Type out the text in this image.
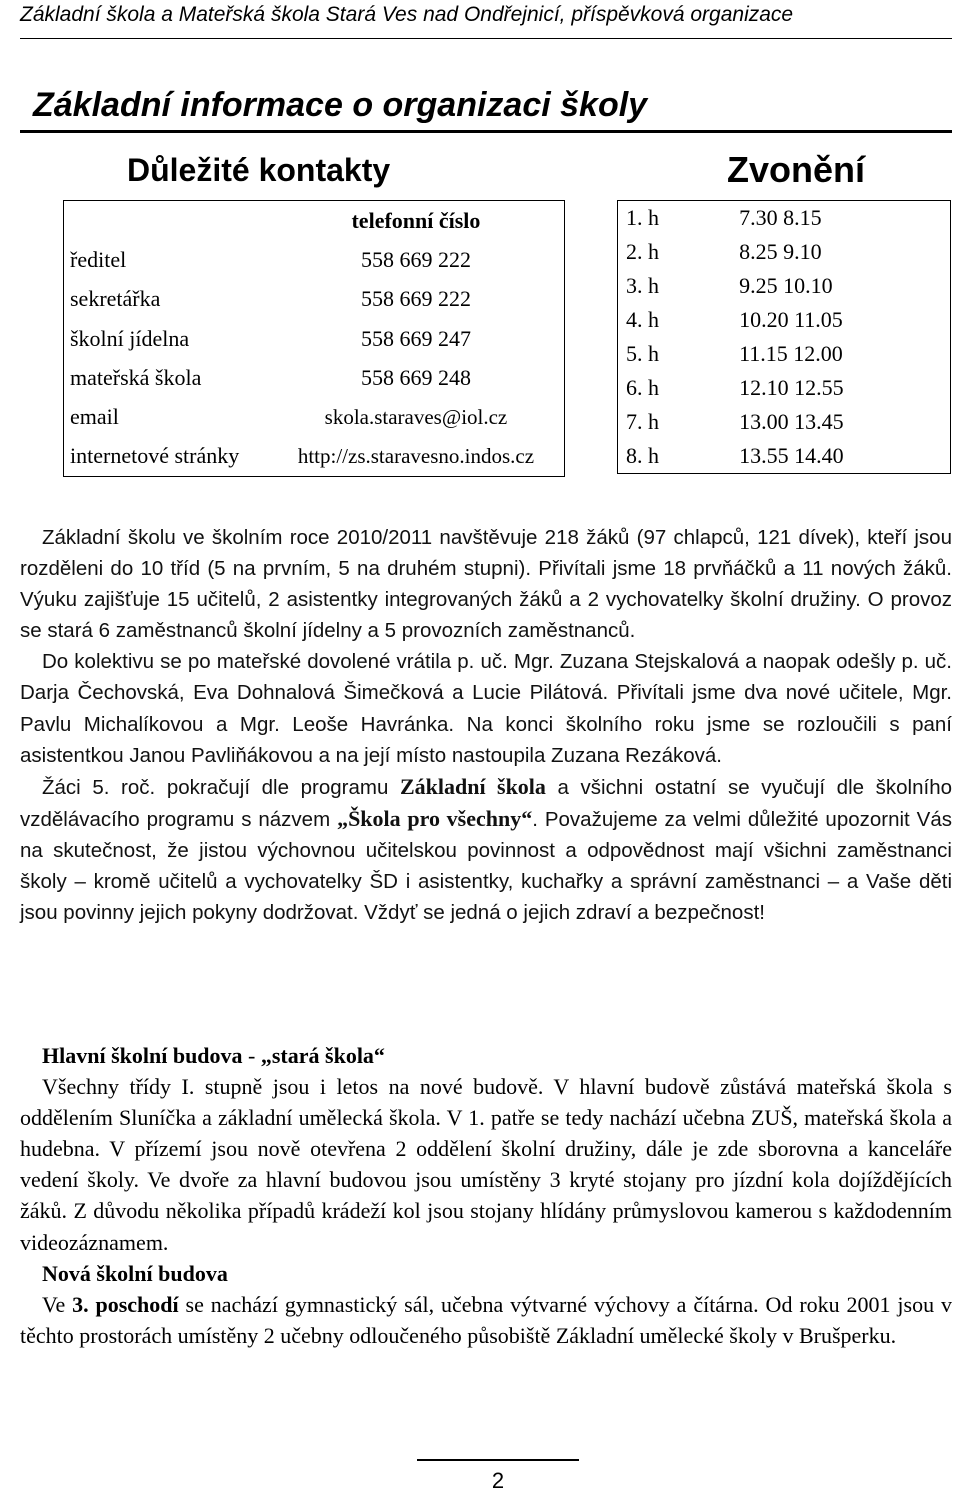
Základní škola a Mateřská škola Stará Ves nad Ondřejnicí, příspěvková organizace
Základní informace o organizaci školy
Důležité kontakty	Zvonění
	telefonní číslo
ředitel	558 669 222
sekretářka	558 669 222
školní jídelna	558 669 247
mateřská škola	558 669 248
email	skola.staraves@iol.cz
internetové stránky	http://zs.staravesno.indos.cz
1. h	7.30 8.15
2. h	8.25 9.10
3. h	9.25 10.10
4. h	10.20 11.05
5. h	11.15 12.00
6. h	12.10 12.55
7. h	13.00 13.45
8. h	13.55 14.40

Základní školu ve školním roce 2010/2011 navštěvuje 218 žáků (97 chlapců, 121 dívek), kteří jsou rozděleni do 10 tříd (5 na prvním, 5 na druhém stupni). Přivítali jsme 18 prvňáčků a 11 nových žáků. Výuku zajišťuje 15 učitelů, 2 asistentky integrovaných žáků a 2 vychovatelky školní družiny. O provoz se stará 6 zaměstnanců školní jídelny a 5 provozních zaměstnanců.

Do kolektivu se po mateřské dovolené vrátila p. uč. Mgr. Zuzana Stejskalová a naopak odešly p. uč. Darja Čechovská, Eva Dohnalová Šimečková a Lucie Pilátová. Přivítali jsme dva nové učitele, Mgr. Pavlu Michalíkovou a Mgr. Leoše Havránka. Na konci školního roku jsme se rozloučili s paní asistentkou Janou Pavliňákovou a na její místo nastoupila Zuzana Rezáková.

Žáci 5. roč. pokračují dle programu Základní škola a všichni ostatní se vyučují dle školního vzdělávacího programu s názvem „Škola pro všechny“. Považujeme za velmi důležité upozornit Vás na skutečnost, že jistou výchovnou učitelskou povinnost a odpovědnost mají všichni zaměstnanci školy – kromě učitelů a vychovatelky ŠD i asistentky, kuchařky a správní zaměstnanci – a Vaše děti jsou povinny jejich pokyny dodržovat. Vždyť se jedná o jejich zdraví a bezpečnost!

Hlavní školní budova - „stará škola“

Všechny třídy I. stupně jsou i letos na nové budově. V hlavní budově zůstává mateřská škola s oddělením Sluníčka a základní umělecká škola. V 1. patře se tedy nachází učebna ZUŠ, mateřská škola a hudebna. V přízemí jsou nově otevřena 2 oddělení školní družiny, dále je zde sborovna a kanceláře vedení školy. Ve dvoře za hlavní budovou jsou umístěny 3 kryté stojany pro jízdní kola dojíždějících žáků. Z důvodu několika případů krádeží kol jsou stojany hlídány průmyslovou kamerou s každodenním videozáznamem.

Nová školní budova

Ve 3. poschodí se nachází gymnastický sál, učebna výtvarné výchovy a čítárna. Od roku 2001 jsou v těchto prostorách umístěny 2 učebny odloučeného působiště Základní umělecké školy v Brušperku.

2
